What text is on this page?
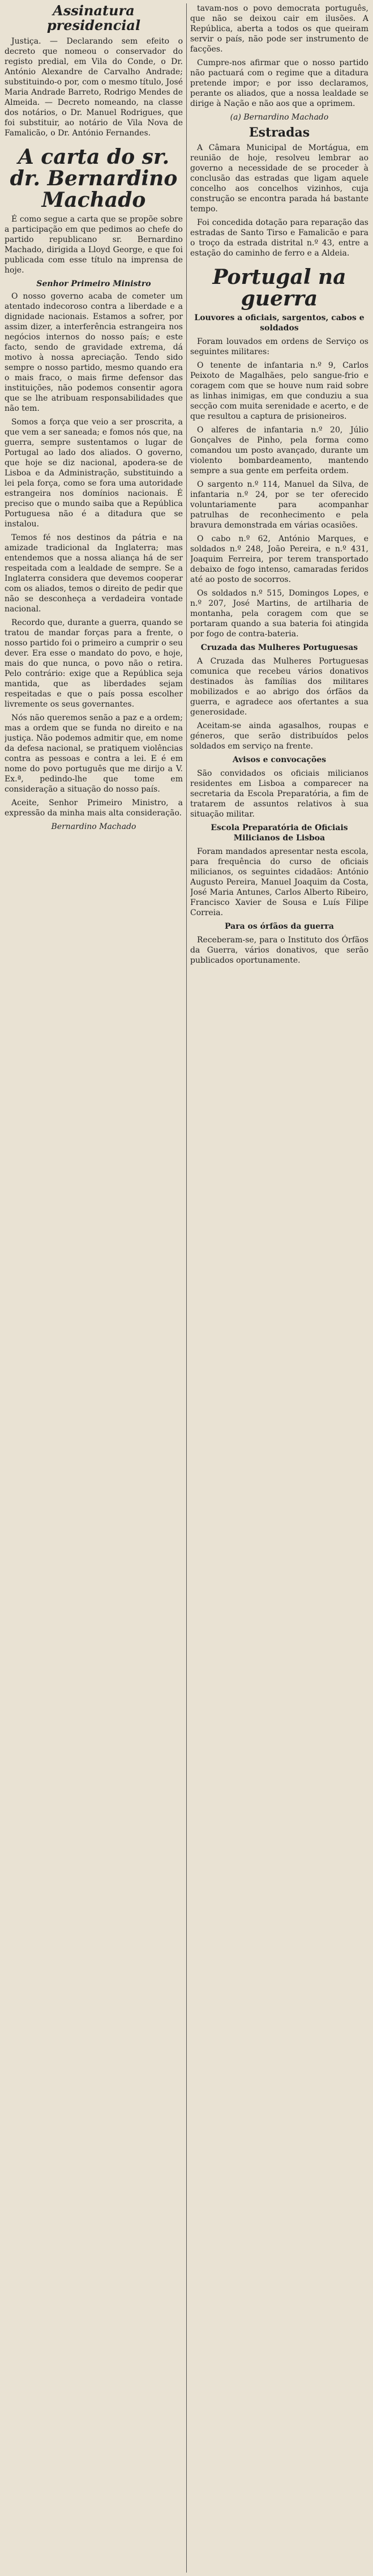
Assinatura presidencial

Justiça. — Declarando sem efeito o decreto que nomeou o conservador do registo predial, em Vila do Conde, o Dr. António Alexandre de Carvalho Andrade; substituindo-o por, com o mesmo título, José Maria Andrade Barreto, Rodrigo Mendes de Almeida. — Decreto nomeando, na classe dos notários, o Dr. Manuel Rodrigues, que foi substituir, ao notário de Vila Nova de Famalicão, o Dr. António Fernandes.

A carta do sr. dr. Bernardino Machado

É como segue a carta que se propõe sobre a participação em que pedimos ao chefe do partido republicano sr. Bernardino Machado, dirigida a Lloyd George, e que foi publicada com esse título na imprensa de hoje.

Senhor Primeiro Ministro

O nosso governo acaba de cometer um atentado indecoroso contra a liberdade e a dignidade nacionais. Estamos a sofrer, por assim dizer, a interferência estrangeira nos negócios internos do nosso país; e este facto, sendo de gravidade extrema, dá motivo à nossa apreciação. Tendo sido sempre o nosso partido, mesmo quando era o mais fraco, o mais firme defensor das instituições, não podemos consentir agora que se lhe atribuam responsabilidades que não tem.

Somos a força que veio a ser proscrita, a que vem a ser saneada; e fomos nós que, na guerra, sempre sustentamos o lugar de Portugal ao lado dos aliados. O governo, que hoje se diz nacional, apodera-se de Lisboa e da Administração, substituindo a lei pela força, como se fora uma autoridade estrangeira nos domínios nacionais. É preciso que o mundo saiba que a República Portuguesa não é a ditadura que se instalou.

Temos fé nos destinos da pátria e na amizade tradicional da Inglaterra; mas entendemos que a nossa aliança há de ser respeitada com a lealdade de sempre. Se a Inglaterra considera que devemos cooperar com os aliados, temos o direito de pedir que não se desconheça a verdadeira vontade nacional.

Recordo que, durante a guerra, quando se tratou de mandar forças para a frente, o nosso partido foi o primeiro a cumprir o seu dever. Era esse o mandato do povo, e hoje, mais do que nunca, o povo não o retira. Pelo contrário: exige que a República seja mantida, que as liberdades sejam respeitadas e que o país possa escolher livremente os seus governantes.

Nós não queremos senão a paz e a ordem; mas a ordem que se funda no direito e na justiça. Não podemos admitir que, em nome da defesa nacional, se pratiquem violências contra as pessoas e contra a lei. E é em nome do povo português que me dirijo a V. Ex.ª, pedindo-lhe que tome em consideração a situação do nosso país.

Aceite, Senhor Primeiro Ministro, a expressão da minha mais alta consideração.

Bernardino Machado

tavam-nos o povo democrata português, que não se deixou cair em ilusões. A República, aberta a todos os que queiram servir o país, não pode ser instrumento de facções.

Cumpre-nos afirmar que o nosso partido não pactuará com o regime que a ditadura pretende impor; e por isso declaramos, perante os aliados, que a nossa lealdade se dirige à Nação e não aos que a oprimem.

(a) Bernardino Machado
Estradas

A Câmara Municipal de Mortágua, em reunião de hoje, resolveu lembrar ao governo a necessidade de se proceder à conclusão das estradas que ligam aquele concelho aos concelhos vizinhos, cuja construção se encontra parada há bastante tempo.

Foi concedida dotação para reparação das estradas de Santo Tirso e Famalicão e para o troço da estrada distrital n.º 43, entre a estação do caminho de ferro e a Aldeia.

Portugal na guerra
Louvores a oficiais, sargentos, cabos e soldados

Foram louvados em ordens de Serviço os seguintes militares:

O tenente de infantaria n.º 9, Carlos Peixoto de Magalhães, pelo sangue-frio e coragem com que se houve num raid sobre as linhas inimigas, em que conduziu a sua secção com muita serenidade e acerto, e de que resultou a captura de prisioneiros.

O alferes de infantaria n.º 20, Júlio Gonçalves de Pinho, pela forma como comandou um posto avançado, durante um violento bombardeamento, mantendo sempre a sua gente em perfeita ordem.

O sargento n.º 114, Manuel da Silva, de infantaria n.º 24, por se ter oferecido voluntariamente para acompanhar patrulhas de reconhecimento e pela bravura demonstrada em várias ocasiões.

O cabo n.º 62, António Marques, e soldados n.º 248, João Pereira, e n.º 431, Joaquim Ferreira, por terem transportado debaixo de fogo intenso, camaradas feridos até ao posto de socorros.

Os soldados n.º 515, Domingos Lopes, e n.º 207, José Martins, de artilharia de montanha, pela coragem com que se portaram quando a sua bateria foi atingida por fogo de contra-bateria.

Cruzada das Mulheres Portuguesas

A Cruzada das Mulheres Portuguesas comunica que recebeu vários donativos destinados às famílias dos militares mobilizados e ao abrigo dos órfãos da guerra, e agradece aos ofertantes a sua generosidade.

Aceitam-se ainda agasalhos, roupas e géneros, que serão distribuídos pelos soldados em serviço na frente.

Avisos e convocações

São convidados os oficiais milicianos residentes em Lisboa a comparecer na secretaria da Escola Preparatória, a fim de tratarem de assuntos relativos à sua situação militar.

Escola Preparatória de Oficiais Milicianos de Lisboa

Foram mandados apresentar nesta escola, para frequência do curso de oficiais milicianos, os seguintes cidadãos: António Augusto Pereira, Manuel Joaquim da Costa, José Maria Antunes, Carlos Alberto Ribeiro, Francisco Xavier de Sousa e Luís Filipe Correia.

Para os órfãos da guerra

Receberam-se, para o Instituto dos Órfãos da Guerra, vários donativos, que serão publicados oportunamente.
